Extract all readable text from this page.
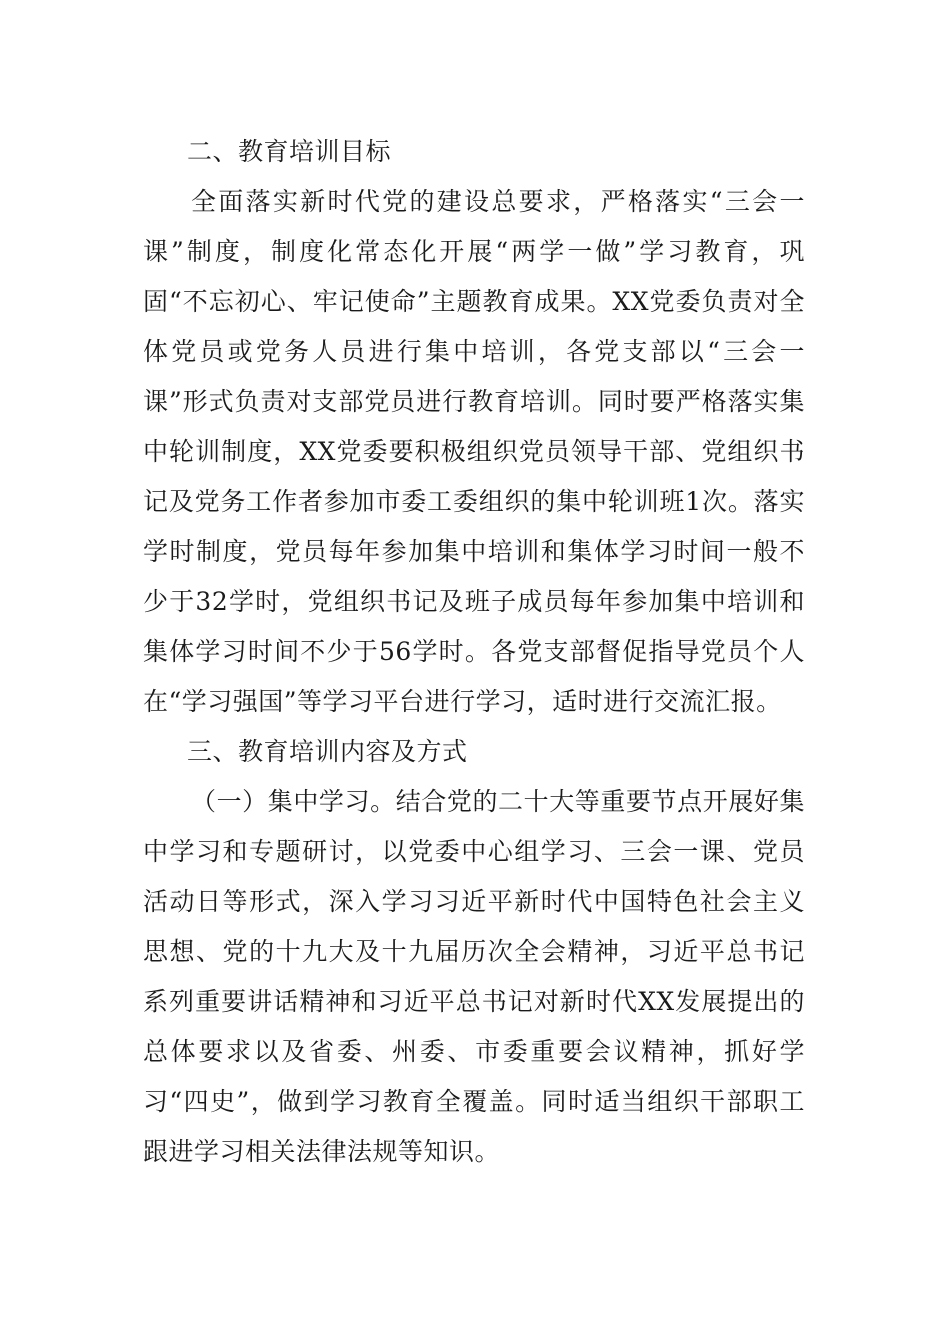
二、教育培训目标

全面落实新时代党的建设总要求，严格落实“三会一课”制度，制度化常态化开展“两学一做”学习教育，巩固“不忘初心、牢记使命”主题教育成果。XX党委负责对全体党员或党务人员进行集中培训，各党支部以“三会一课”形式负责对支部党员进行教育培训。同时要严格落实集中轮训制度，XX党委要积极组织党员领导干部、党组织书记及党务工作者参加市委工委组织的集中轮训班1次。落实学时制度，党员每年参加集中培训和集体学习时间一般不少于32学时，党组织书记及班子成员每年参加集中培训和集体学习时间不少于56学时。各党支部督促指导党员个人在“学习强国”等学习平台进行学习，适时进行交流汇报。

三、教育培训内容及方式

（一）集中学习。结合党的二十大等重要节点开展好集中学习和专题研讨，以党委中心组学习、三会一课、党员活动日等形式，深入学习习近平新时代中国特色社会主义思想、党的十九大及十九届历次全会精神，习近平总书记系列重要讲话精神和习近平总书记对新时代XX发展提出的总体要求以及省委、州委、市委重要会议精神，抓好学习“四史”，做到学习教育全覆盖。同时适当组织干部职工跟进学习相关法律法规等知识。
